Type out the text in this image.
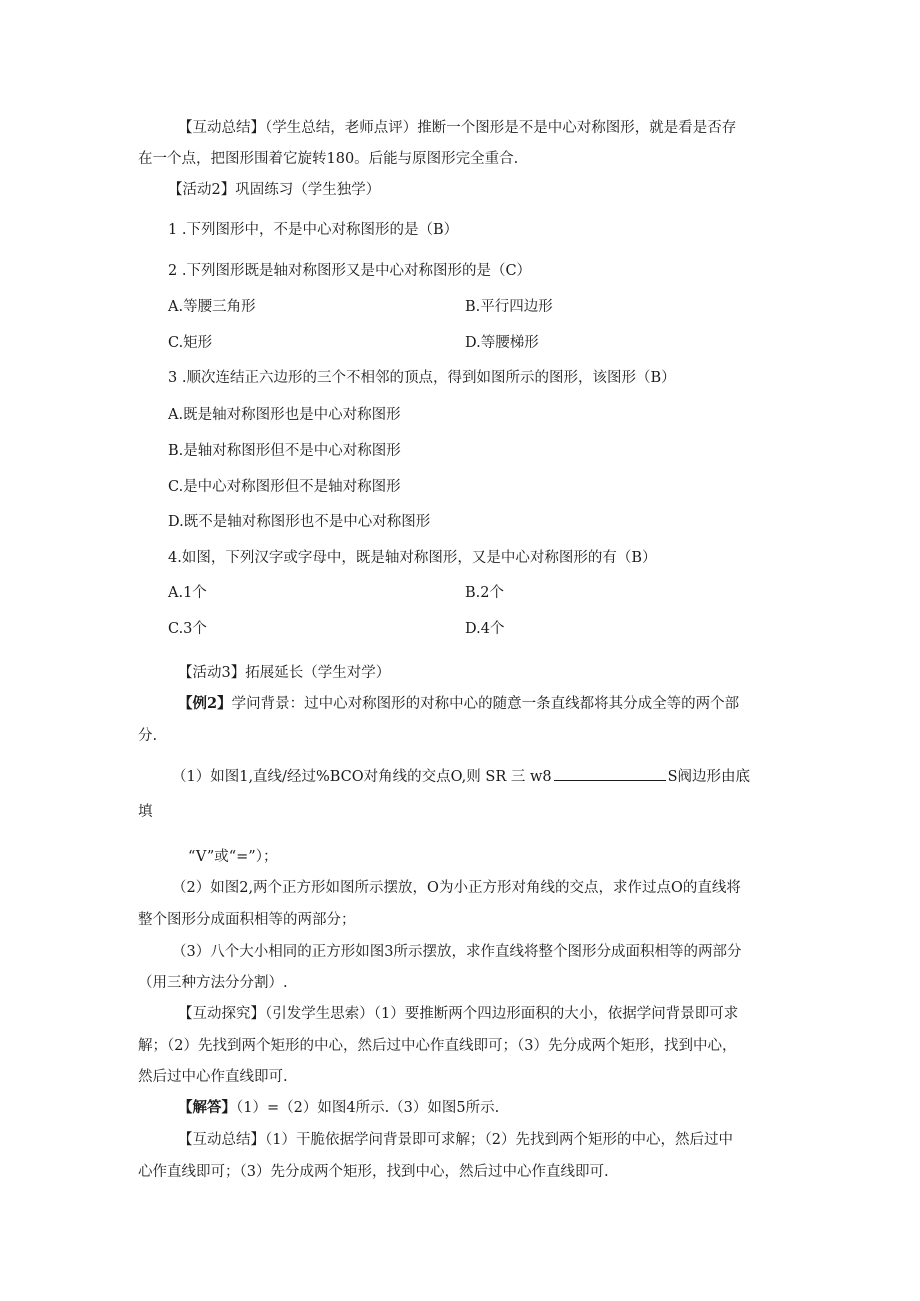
【互动总结】（学生总结，老师点评）推断一个图形是不是中心对称图形，就是看是否存
在一个点，把图形围着它旋转180。后能与原图形完全重合.
【活动2】巩固练习（学生独学）
1 .下列图形中，不是中心对称图形的是（B）
2 .下列图形既是轴对称图形又是中心对称图形的是（C）
A.等腰三角形	B.平行四边形
C.矩形	D.等腰梯形
3 .顺次连结正六边形的三个不相邻的顶点，得到如图所示的图形，该图形（B）
A.既是轴对称图形也是中心对称图形
B.是轴对称图形但不是中心对称图形
C.是中心对称图形但不是轴对称图形
D.既不是轴对称图形也不是中心对称图形
4.如图，下列汉字或字母中，既是轴对称图形，又是中心对称图形的有（B）
A.1个	B.2个
C.3个	D.4个
【活动3】拓展延长（学生对学）
【例2】学问背景：过中心对称图形的对称中心的随意一条直线都将其分成全等的两个部
分.
（1）如图1,直线/经过%BCO对角线的交点O,则 SR 三 w8	S阀边形由底
填
“V”或“=”）；
（2）如图2,两个正方形如图所示摆放，O为小正方形对角线的交点，求作过点O的直线将
整个图形分成面积相等的两部分；
（3）八个大小相同的正方形如图3所示摆放，求作直线将整个图形分成面积相等的两部分
（用三种方法分分割）.
【互动探究】（引发学生思索）（1）要推断两个四边形面积的大小，依据学问背景即可求
解；（2）先找到两个矩形的中心，然后过中心作直线即可；（3）先分成两个矩形，找到中心，
然后过中心作直线即可.
【解答】（1）=（2）如图4所示.（3）如图5所示.
【互动总结】（1）干脆依据学问背景即可求解；（2）先找到两个矩形的中心，然后过中
心作直线即可；（3）先分成两个矩形，找到中心，然后过中心作直线即可.
